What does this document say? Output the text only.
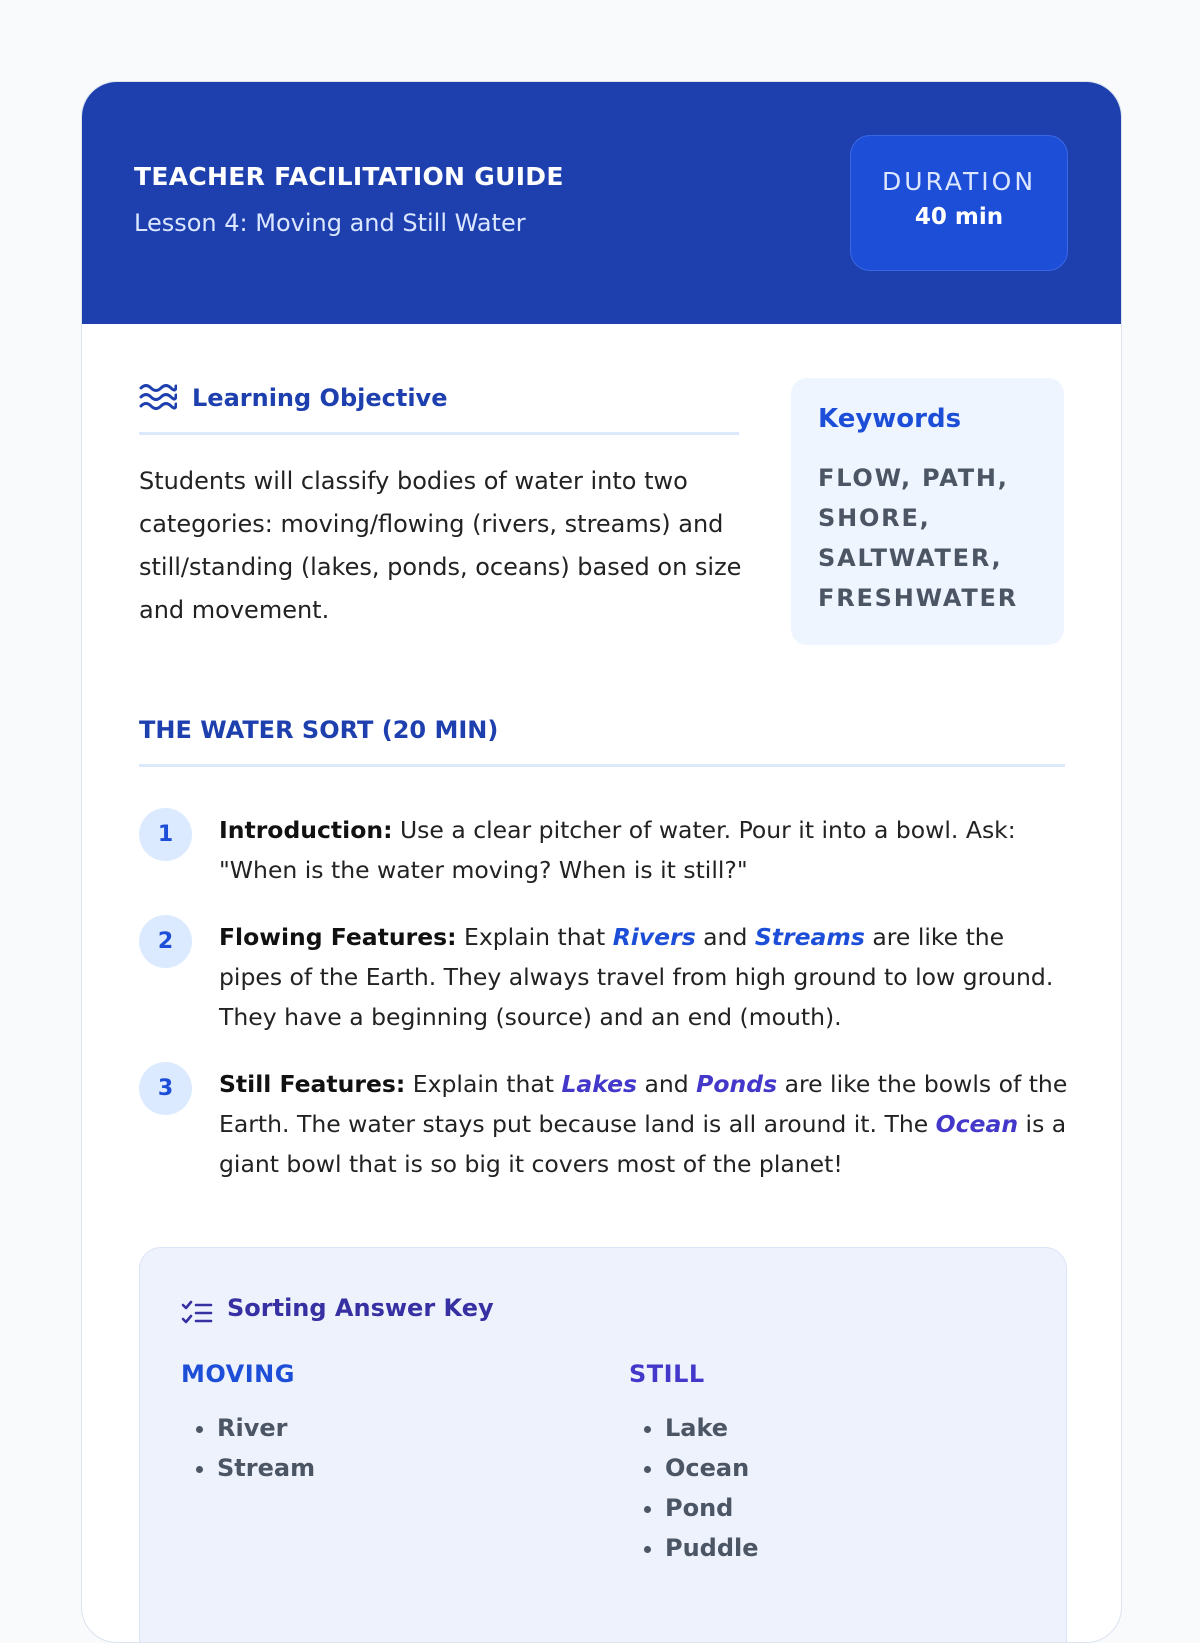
TEACHER FACILITATION GUIDE
Lesson 4: Moving and Still Water
DURATION
40 min
Learning Objective
Students will classify bodies of water into two categories: moving/flowing (rivers, streams) and still/standing (lakes, ponds, oceans) based on size and movement.
Keywords
FLOW, PATH, SHORE, SALTWATER, FRESHWATER
THE WATER SORT (20 MIN)
1	Introduction: Use a clear pitcher of water. Pour it into a bowl. Ask: "When is the water moving? When is it still?"
2	Flowing Features: Explain that Rivers and Streams are like the pipes of the Earth. They always travel from high ground to low ground. They have a beginning (source) and an end (mouth).
3	Still Features: Explain that Lakes and Ponds are like the bowls of the Earth. The water stays put because land is all around it. The Ocean is a giant bowl that is so big it covers most of the planet!
Sorting Answer Key
MOVING
• River
• Stream
STILL
• Lake
• Ocean
• Pond
• Puddle
